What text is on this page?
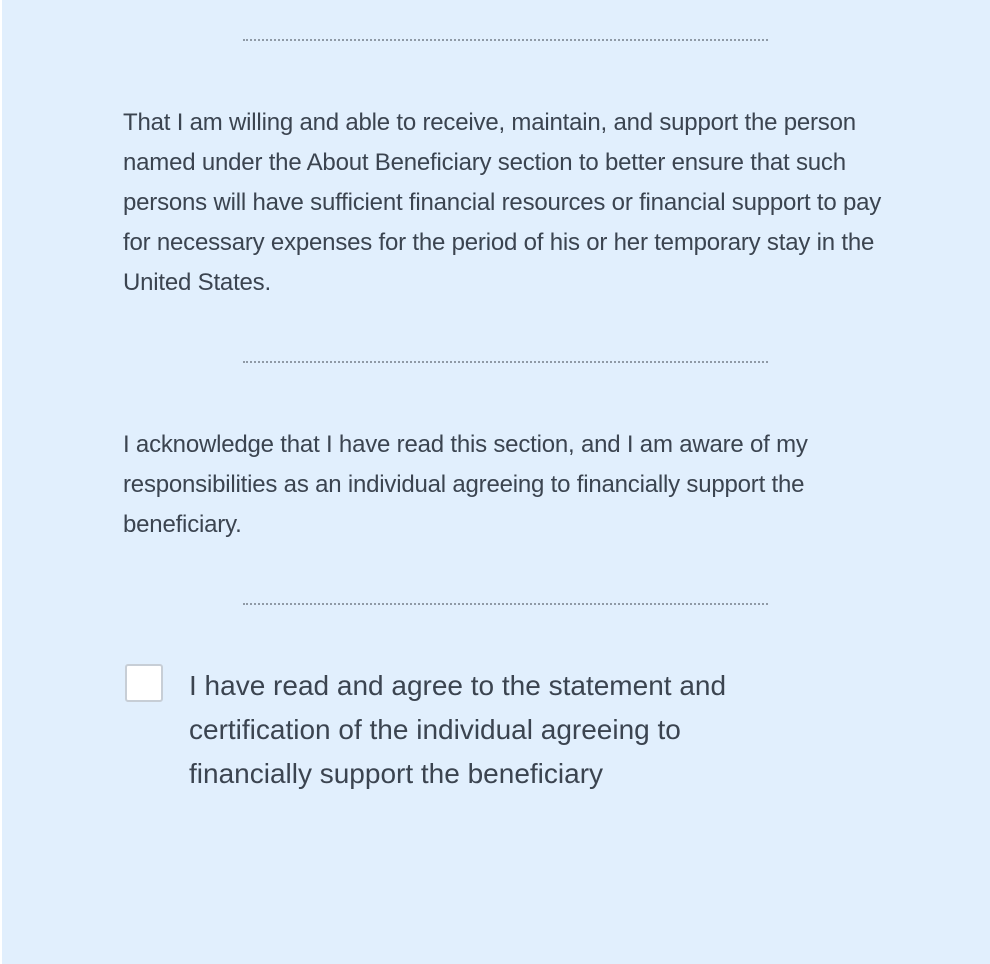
That I am willing and able to receive, maintain, and support the person named under the About Beneficiary section to better ensure that such persons will have sufficient financial resources or financial support to pay for necessary expenses for the period of his or her temporary stay in the United States.

I acknowledge that I have read this section, and I am aware of my responsibilities as an individual agreeing to financially support the beneficiary.

I have read and agree to the statement and certification of the individual agreeing to financially support the beneficiary
